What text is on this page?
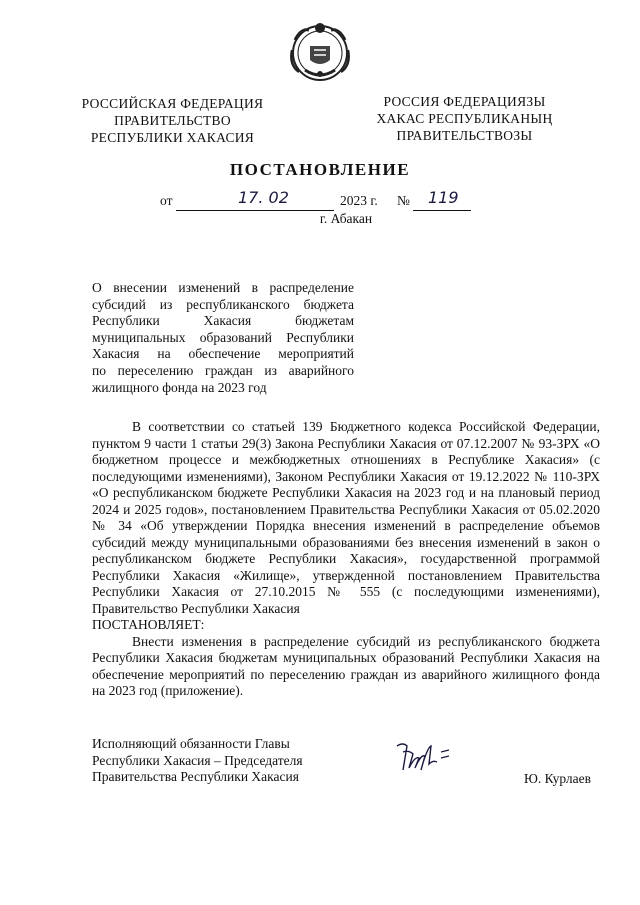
РОССИЙСКАЯ ФЕДЕРАЦИЯ
ПРАВИТЕЛЬСТВО
РЕСПУБЛИКИ ХАКАСИЯ
РОССИЯ ФЕДЕРАЦИЯЗЫ
ХАКАС РЕСПУБЛИКАНЫҢ
ПРАВИТЕЛЬСТВОЗЫ
ПОСТАНОВЛЕНИЕ
от	17. 02	2023 г. № 119
г. Абакан
О внесении изменений в распределение
субсидий из республиканского бюджета
Республики Хакасия бюджетам
муниципальных образований Республики
Хакасия на обеспечение мероприятий
по переселению граждан из аварийного
жилищного фонда на 2023 год

В соответствии со статьей 139 Бюджетного кодекса Российской Федерации, пунктом 9 части 1 статьи 29(3) Закона Республики Хакасия от 07.12.2007 № 93-ЗРХ «О бюджетном процессе и межбюджетных отношениях в Республике Хакасия» (с последующими изменениями), Законом Республики Хакасия от 19.12.2022 № 110-ЗРХ «О республиканском бюджете Республики Хакасия на 2023 год и на плановый период 2024 и 2025 годов», постановлением Правительства Республики Хакасия от 05.02.2020 № 34 «Об утверждении Порядка внесения изменений в распределение объемов субсидий между муниципальными образованиями без внесения изменений в закон о республиканском бюджете Республики Хакасия», государственной программой Республики Хакасия «Жилище», утвержденной постановлением Правительства Республики Хакасия от 27.10.2015 № 555 (с последующими изменениями), Правительство Республики Хакасия

ПОСТАНОВЛЯЕТ:

Внести изменения в распределение субсидий из республиканского бюджета Республики Хакасия бюджетам муниципальных образований Республики Хакасия на обеспечение мероприятий по переселению граждан из аварийного жилищного фонда на 2023 год (приложение).

Исполняющий обязанности Главы
Республики Хакасия – Председателя
Правительства Республики Хакасия	Ю. Курлаев
